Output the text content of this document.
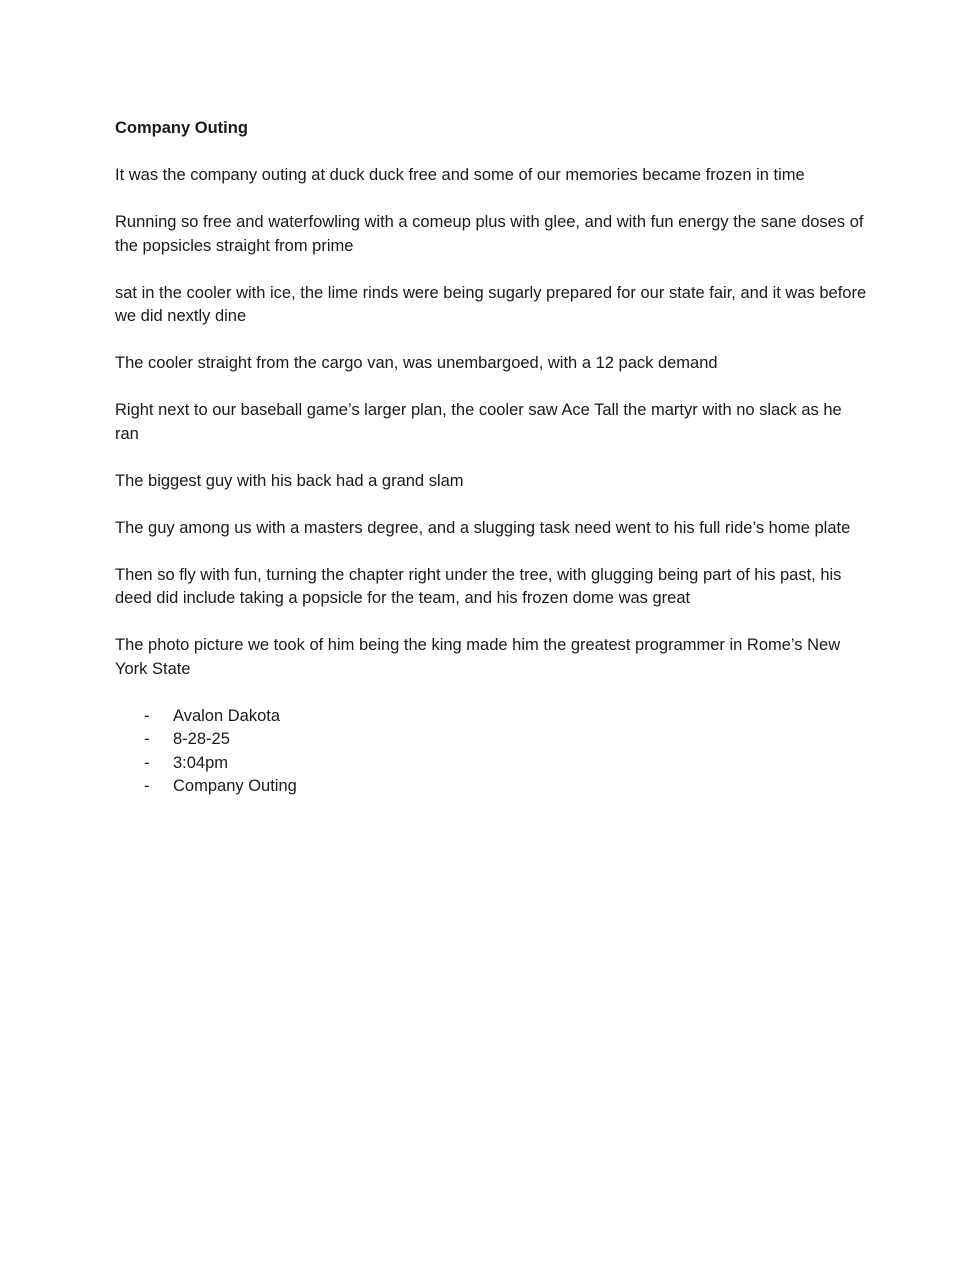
Company Outing

It was the company outing at duck duck free and some of our memories became frozen in time

Running so free and waterfowling with a comeup plus with glee, and with fun energy the sane doses of the popsicles straight from prime

sat in the cooler with ice, the lime rinds were being sugarly prepared for our state fair, and it was before we did nextly dine

The cooler straight from the cargo van, was unembargoed, with a 12 pack demand

Right next to our baseball game’s larger plan, the cooler saw Ace Tall the martyr with no slack as he ran

The biggest guy with his back had a grand slam

The guy among us with a masters degree, and a slugging task need went to his full ride’s home plate

Then so fly with fun, turning the chapter right under the tree, with glugging being part of his past, his deed did include taking a popsicle for the team, and his frozen dome was great

The photo picture we took of him being the king made him the greatest programmer in Rome’s New York State

- Avalon Dakota
- 8-28-25
- 3:04pm
- Company Outing
